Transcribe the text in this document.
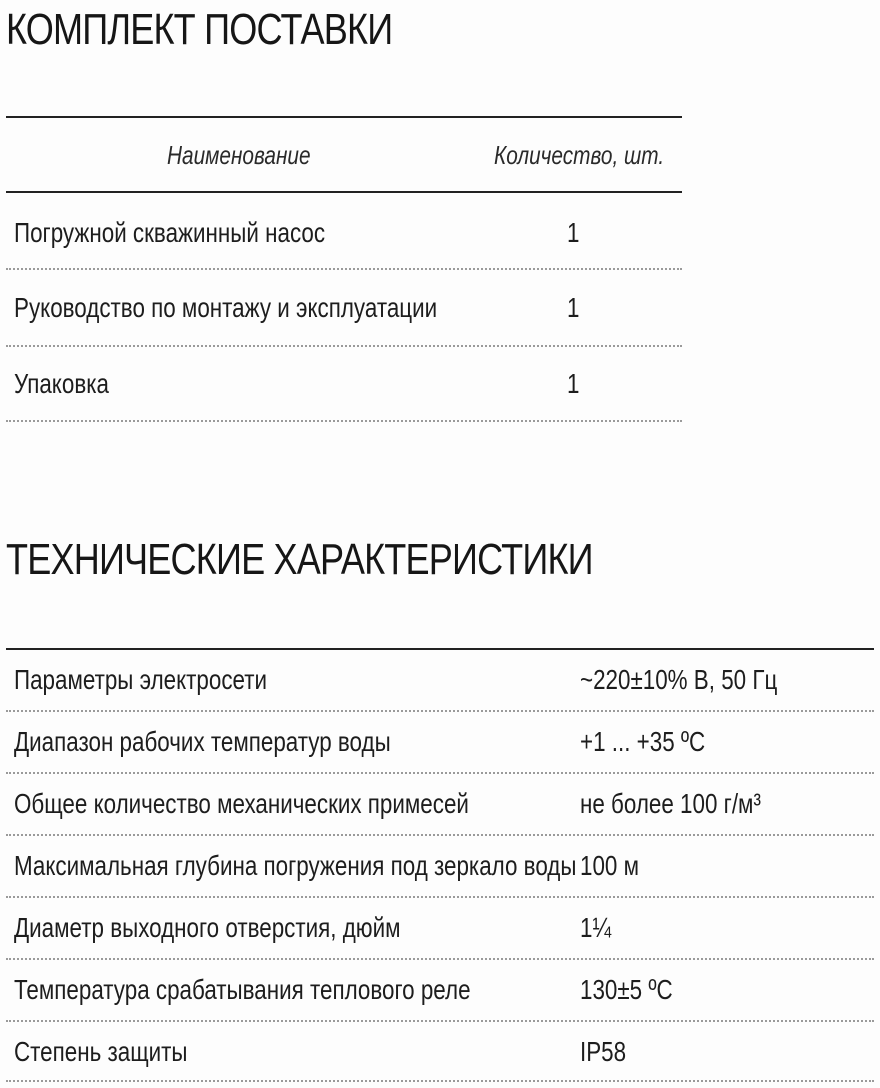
КОМПЛЕКТ ПОСТАВКИ
Наименование	Количество, шт.
Погружной скважинный насос	1
Руководство по монтажу и эксплуатации	1
Упаковка	1
ТЕХНИЧЕСКИЕ ХАРАКТЕРИСТИКИ
Параметры электросети	~220±10% В, 50 Гц
Диапазон рабочих температур воды	+1 ... +35 ºС
Общее количество механических примесей	не более 100 г/м³
Максимальная глубина погружения под зеркало воды 100 м
Диаметр выходного отверстия, дюйм	1¼
Температура срабатывания теплового реле	130±5 ºС
Степень защиты	IP58
